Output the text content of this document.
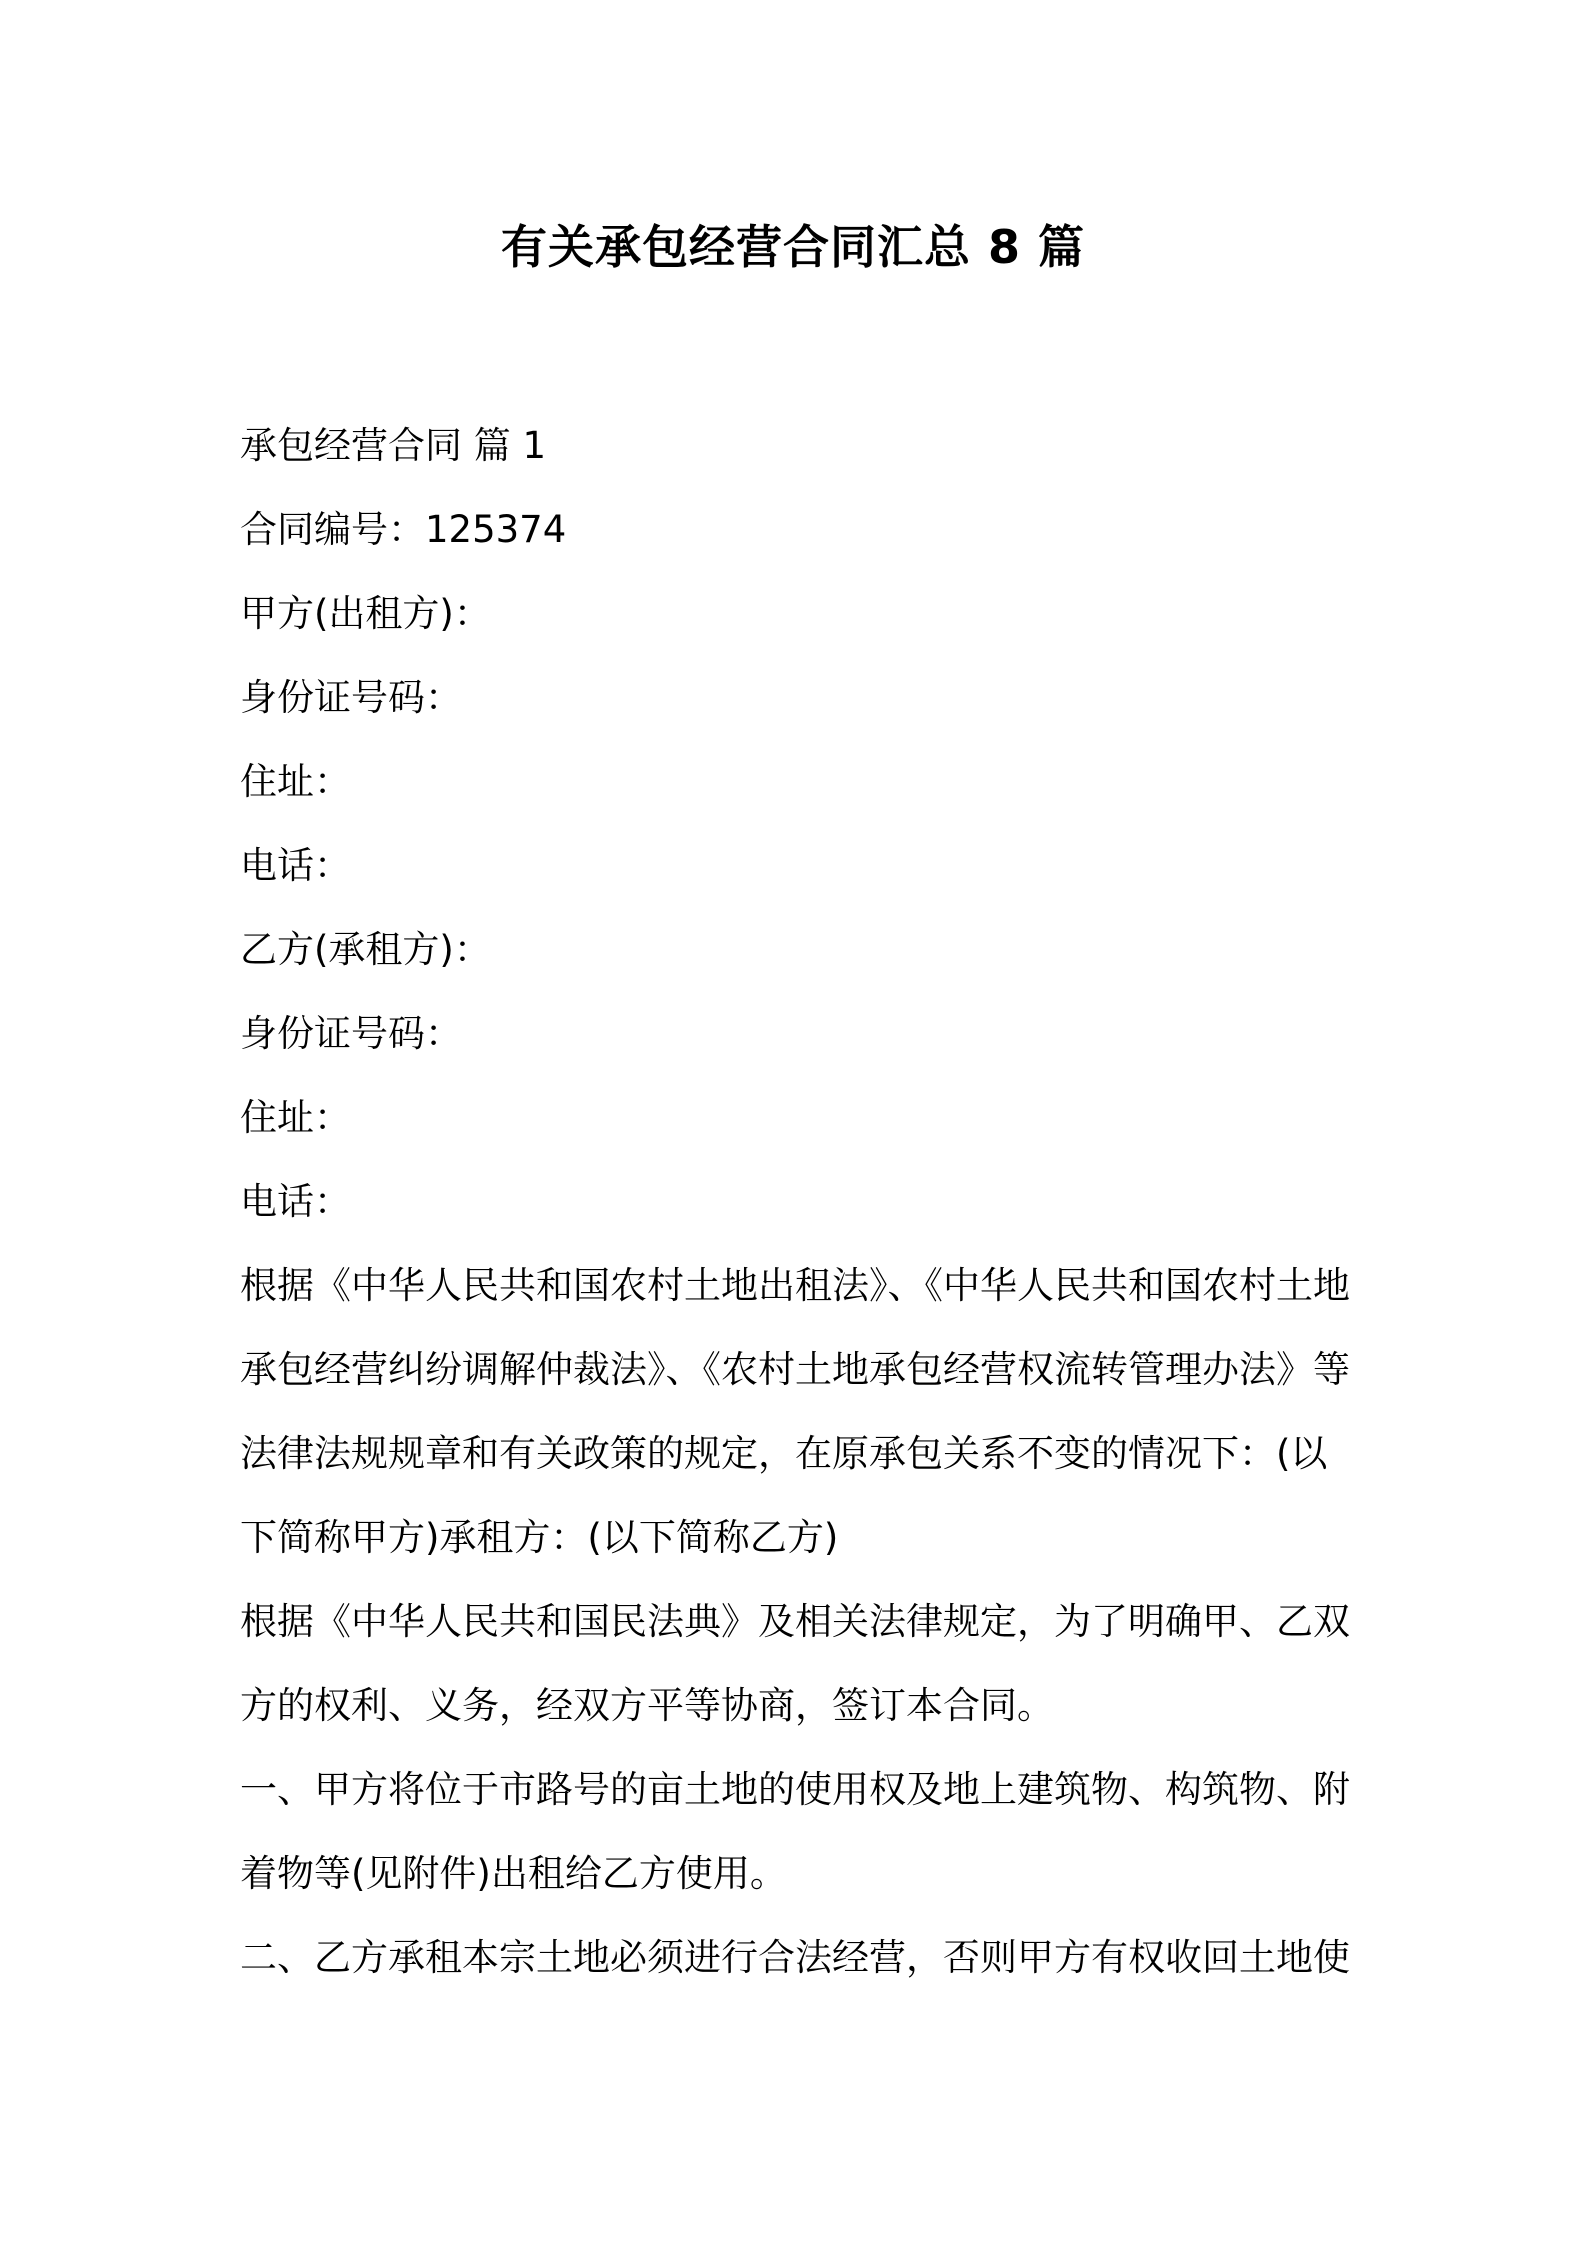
有关承包经营合同汇总 8 篇
承包经营合同 篇 1
合同编号：125374
甲方(出租方)：
身份证号码：
住址：
电话：
乙方(承租方)：
身份证号码：
住址：
电话：
根据《中华人民共和国农村土地出租法》、《中华人民共和国农村土地
承包经营纠纷调解仲裁法》、《农村土地承包经营权流转管理办法》等
法律法规规章和有关政策的规定，在原承包关系不变的情况下：(以
下简称甲方)承租方：(以下简称乙方)
根据《中华人民共和国民法典》及相关法律规定，为了明确甲、乙双
方的权利、义务，经双方平等协商，签订本合同。
一、甲方将位于市路号的亩土地的使用权及地上建筑物、构筑物、附
着物等(见附件)出租给乙方使用。
二、乙方承租本宗土地必须进行合法经营，否则甲方有权收回土地使
